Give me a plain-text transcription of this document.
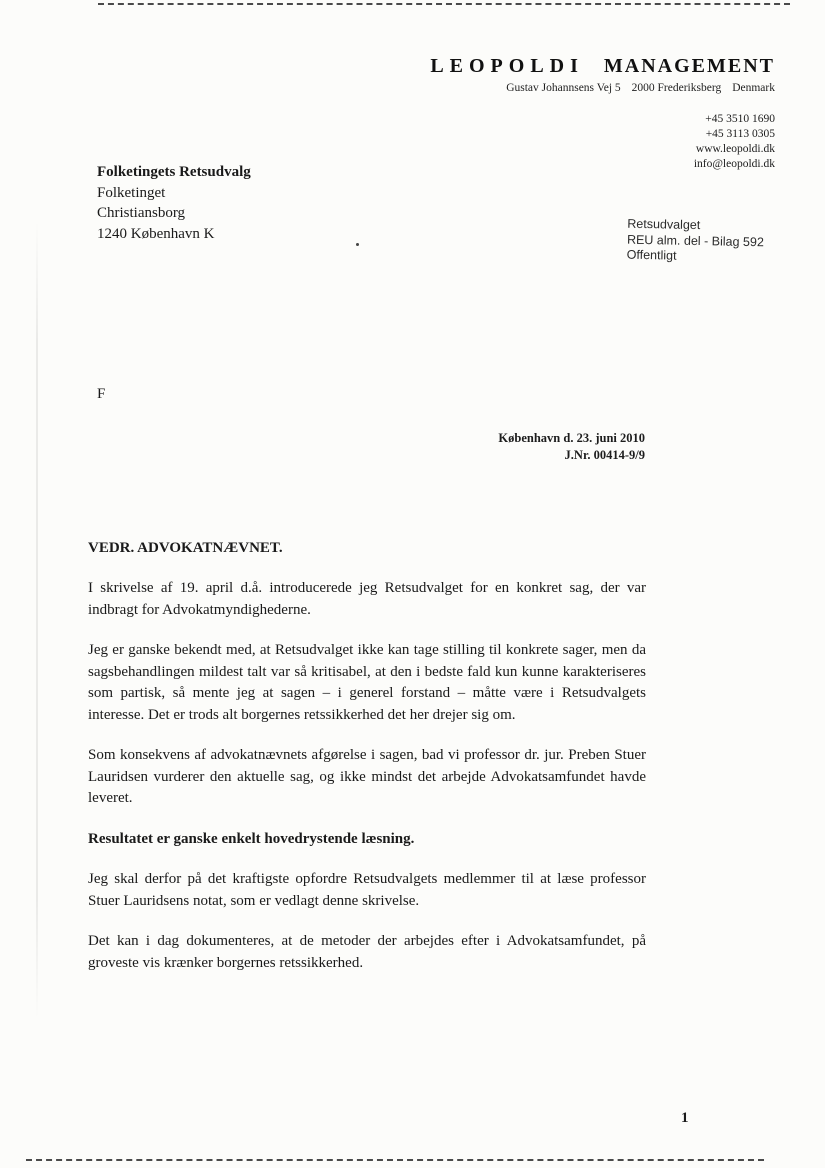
LEOPOLDI MANAGEMENT
Gustav Johannsens Vej 5 2000 Frederiksberg Denmark
+45 3510 1690
+45 3113 0305
www.leopoldi.dk
info@leopoldi.dk
Folketingets Retsudvalg
Folketinget
Christiansborg
1240 København K
Retsudvalget
REU alm. del - Bilag 592
Offentligt
F
København d. 23. juni 2010
J.Nr. 00414-9/9
VEDR. ADVOKATNÆVNET.

I skrivelse af 19. april d.å. introducerede jeg Retsudvalget for en konkret sag, der var indbragt for Advokatmyndighederne.

Jeg er ganske bekendt med, at Retsudvalget ikke kan tage stilling til konkrete sager, men da sagsbehandlingen mildest talt var så kritisabel, at den i bedste fald kun kunne karakteriseres som partisk, så mente jeg at sagen – i generel forstand – måtte være i Retsudvalgets interesse. Det er trods alt borgernes retssikkerhed det her drejer sig om.

Som konsekvens af advokatnævnets afgørelse i sagen, bad vi professor dr. jur. Preben Stuer Lauridsen vurderer den aktuelle sag, og ikke mindst det arbejde Advokatsamfundet havde leveret.

Resultatet er ganske enkelt hovedrystende læsning.

Jeg skal derfor på det kraftigste opfordre Retsudvalgets medlemmer til at læse professor Stuer Lauridsens notat, som er vedlagt denne skrivelse.

Det kan i dag dokumenteres, at de metoder der arbejdes efter i Advokatsamfundet, på groveste vis krænker borgernes retssikkerhed.

1
